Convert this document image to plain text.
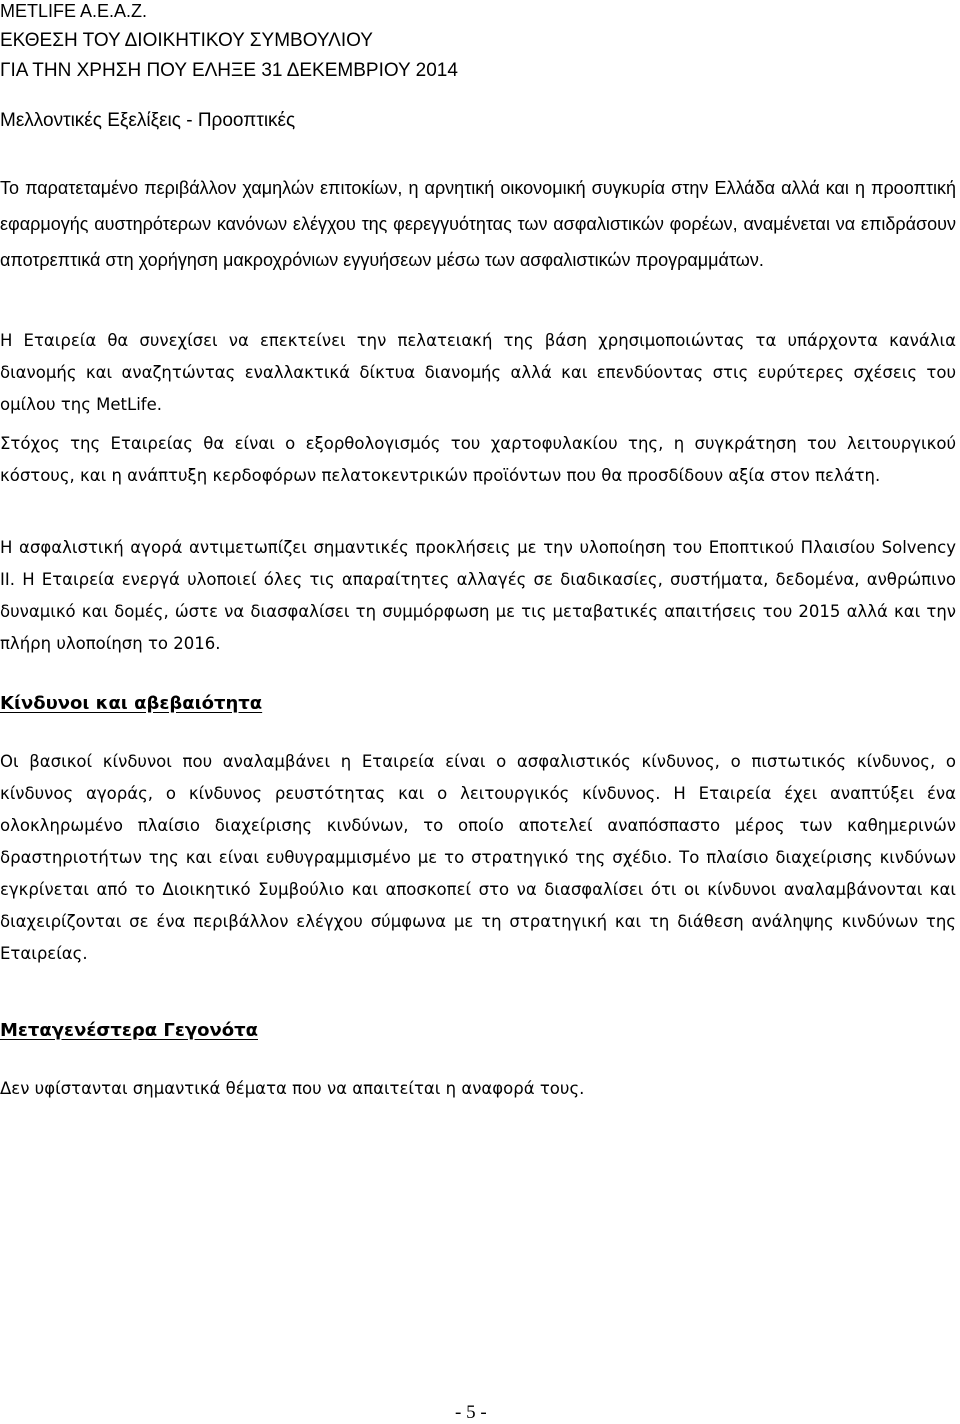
METLIFE A.E.A.Z.
ΕΚΘΕΣΗ ΤΟΥ ΔΙΟΙΚΗΤΙΚΟΥ ΣΥΜΒΟΥΛΙΟΥ
ΓΙΑ ΤΗΝ ΧΡΗΣΗ ΠΟΥ ΕΛΗΞΕ 31 ΔΕΚΕΜΒΡΙΟΥ 2014
Μελλοντικές Εξελίξεις - Προοπτικές
Το παρατεταμένο περιβάλλον χαμηλών επιτοκίων, η αρνητική οικονομική συγκυρία στην Ελλάδα αλλά και η προοπτική εφαρμογής αυστηρότερων κανόνων ελέγχου της φερεγγυότητας των ασφαλιστικών φορέων, αναμένεται να επιδράσουν αποτρεπτικά στη χορήγηση μακροχρόνιων εγγυήσεων μέσω των ασφαλιστικών προγραμμάτων.
Η Εταιρεία θα συνεχίσει να επεκτείνει την πελατειακή της βάση χρησιμοποιώντας τα υπάρχοντα κανάλια διανομής και αναζητώντας εναλλακτικά δίκτυα διανομής αλλά και επενδύοντας στις ευρύτερες σχέσεις του ομίλου της MetLife.
Στόχος της Εταιρείας θα είναι ο εξορθολογισμός του χαρτοφυλακίου της, η συγκράτηση του λειτουργικού κόστους, και η ανάπτυξη κερδοφόρων πελατοκεντρικών προϊόντων που θα προσδίδουν αξία στον πελάτη.
Η ασφαλιστική αγορά αντιμετωπίζει σημαντικές προκλήσεις με την υλοποίηση του Εποπτικού Πλαισίου Solvency II. Η Εταιρεία ενεργά υλοποιεί όλες τις απαραίτητες αλλαγές σε διαδικασίες, συστήματα, δεδομένα, ανθρώπινο δυναμικό και δομές, ώστε να διασφαλίσει τη συμμόρφωση με τις μεταβατικές απαιτήσεις του 2015 αλλά και την πλήρη υλοποίηση το 2016.
Κίνδυνοι και αβεβαιότητα
Οι βασικοί κίνδυνοι που αναλαμβάνει η Εταιρεία είναι ο ασφαλιστικός κίνδυνος, ο πιστωτικός κίνδυνος, ο κίνδυνος αγοράς, ο κίνδυνος ρευστότητας και ο λειτουργικός κίνδυνος. Η Εταιρεία έχει αναπτύξει ένα ολοκληρωμένο πλαίσιο διαχείρισης κινδύνων, το οποίο αποτελεί αναπόσπαστο μέρος των καθημερινών δραστηριοτήτων της και είναι ευθυγραμμισμένο με το στρατηγικό της σχέδιο. Το πλαίσιο διαχείρισης κινδύνων εγκρίνεται από το Διοικητικό Συμβούλιο και αποσκοπεί στο να διασφαλίσει ότι οι κίνδυνοι αναλαμβάνονται και διαχειρίζονται σε ένα περιβάλλον ελέγχου σύμφωνα με τη στρατηγική και τη διάθεση ανάληψης κινδύνων της Εταιρείας.
Μεταγενέστερα Γεγονότα
Δεν υφίστανται σημαντικά θέματα που να απαιτείται η αναφορά τους.
- 5 -
